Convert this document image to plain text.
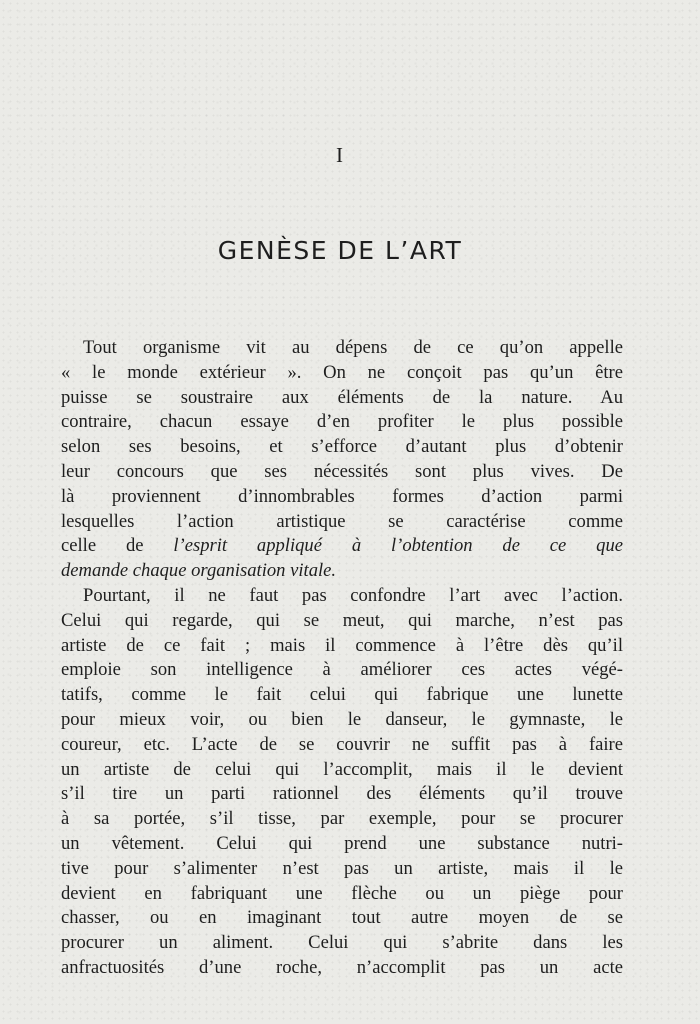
I
GENÈSE DE L’ART
Tout organisme vit au dépens de ce qu’on appelle
« le monde extérieur ». On ne conçoit pas qu’un être
puisse se soustraire aux éléments de la nature. Au
contraire, chacun essaye d’en profiter le plus possible
selon ses besoins, et s’efforce d’autant plus d’obtenir
leur concours que ses nécessités sont plus vives. De
là proviennent d’innombrables formes d’action parmi
lesquelles l’action artistique se caractérise comme
celle de l’esprit appliqué à l’obtention de ce que
demande chaque organisation vitale.
Pourtant, il ne faut pas confondre l’art avec l’action.
Celui qui regarde, qui se meut, qui marche, n’est pas
artiste de ce fait ; mais il commence à l’être dès qu’il
emploie son intelligence à améliorer ces actes végé-
tatifs, comme le fait celui qui fabrique une lunette
pour mieux voir, ou bien le danseur, le gymnaste, le
coureur, etc. L’acte de se couvrir ne suffit pas à faire
un artiste de celui qui l’accomplit, mais il le devient
s’il tire un parti rationnel des éléments qu’il trouve
à sa portée, s’il tisse, par exemple, pour se procurer
un vêtement. Celui qui prend une substance nutri-
tive pour s’alimenter n’est pas un artiste, mais il le
devient en fabriquant une flèche ou un piège pour
chasser, ou en imaginant tout autre moyen de se
procurer un aliment. Celui qui s’abrite dans les
anfractuosités d’une roche, n’accomplit pas un acte
